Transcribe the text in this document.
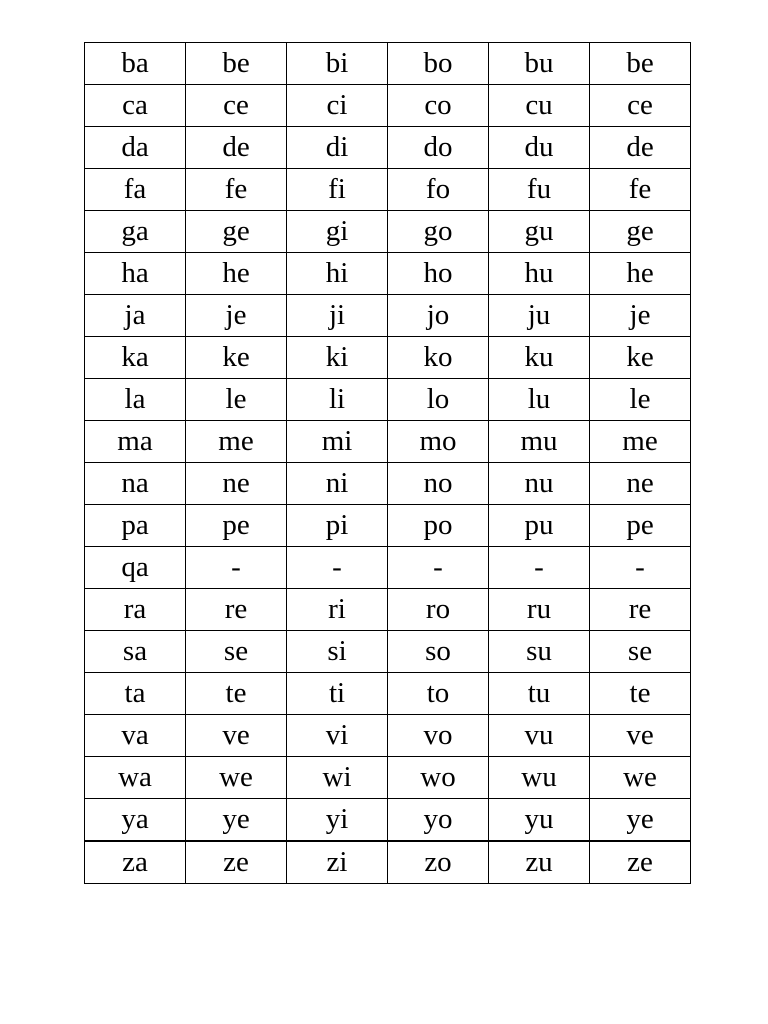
ba	be	bi	bo	bu	be
ca	ce	ci	co	cu	ce
da	de	di	do	du	de
fa	fe	fi	fo	fu	fe
ga	ge	gi	go	gu	ge
ha	he	hi	ho	hu	he
ja	je	ji	jo	ju	je
ka	ke	ki	ko	ku	ke
la	le	li	lo	lu	le
ma	me	mi	mo	mu	me
na	ne	ni	no	nu	ne
pa	pe	pi	po	pu	pe
qa	-	-	-	-	-
ra	re	ri	ro	ru	re
sa	se	si	so	su	se
ta	te	ti	to	tu	te
va	ve	vi	vo	vu	ve
wa	we	wi	wo	wu	we
ya	ye	yi	yo	yu	ye
za	ze	zi	zo	zu	ze
